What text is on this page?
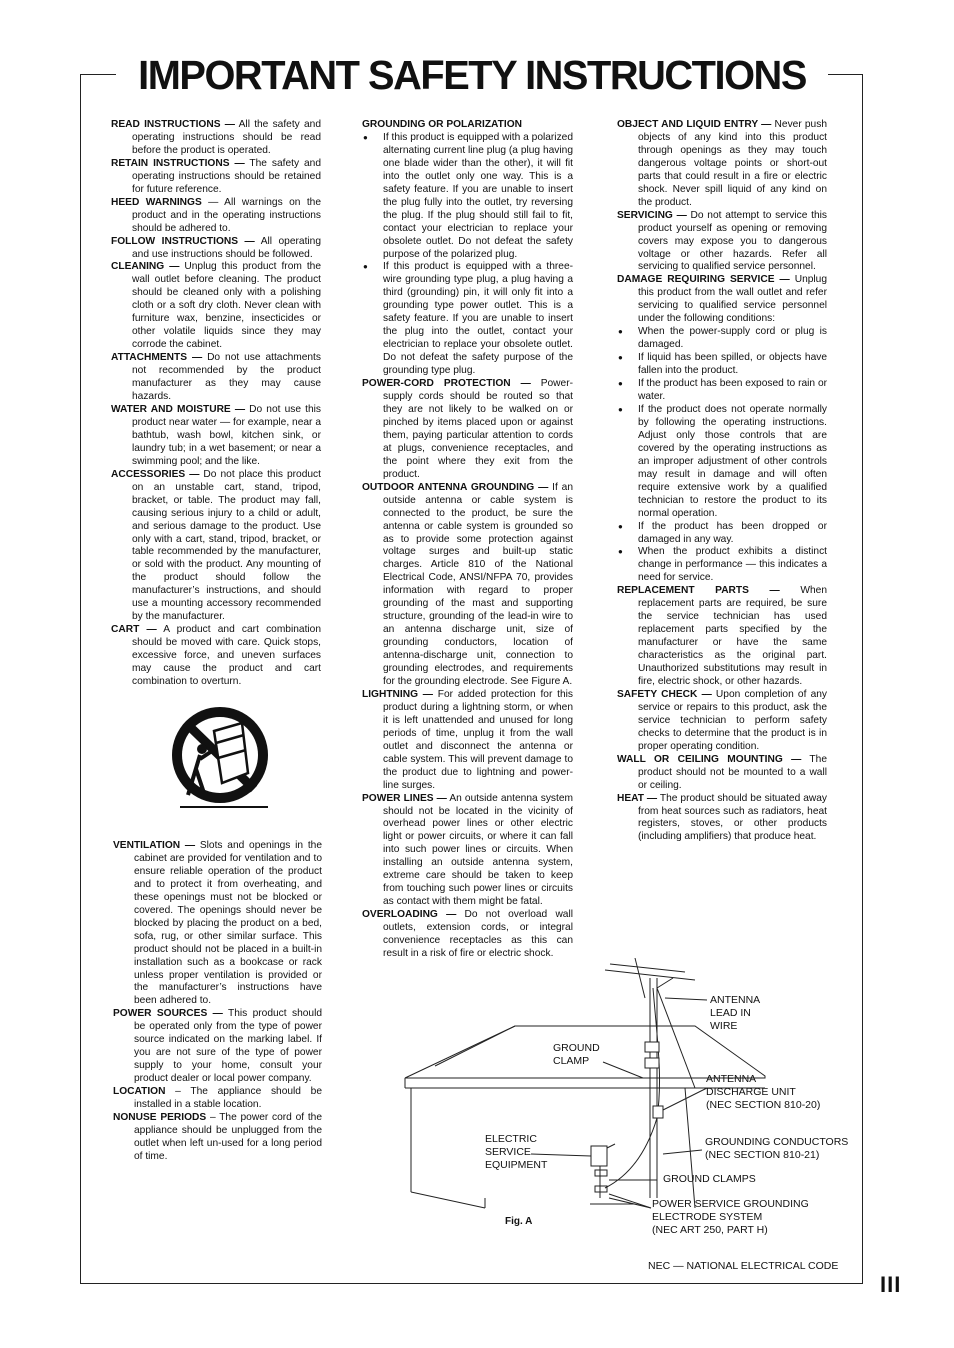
IMPORTANT SAFETY INSTRUCTIONS

READ INSTRUCTIONS — All the safety and operating instructions should be read before the product is operated.

RETAIN INSTRUCTIONS — The safety and operating instructions should be retained for future reference.

HEED WARNINGS — All warnings on the product and in the operating instructions should be adhered to.

FOLLOW INSTRUCTIONS — All operating and use instructions should be followed.

CLEANING — Unplug this product from the wall outlet before cleaning. The product should be cleaned only with a polishing cloth or a soft dry cloth. Never clean with furniture wax, benzine, insecticides or other volatile liquids since they may corrode the cabinet.

ATTACHMENTS — Do not use attachments not recommended by the product manufacturer as they may cause hazards.

WATER AND MOISTURE — Do not use this product near water — for example, near a bathtub, wash bowl, kitchen sink, or laundry tub; in a wet basement; or near a swimming pool; and the like.

ACCESSORIES — Do not place this product on an unstable cart, stand, tripod, bracket, or table. The product may fall, causing serious injury to a child or adult, and serious damage to the product. Use only with a cart, stand, tripod, bracket, or table recommended by the manufacturer, or sold with the product. Any mounting of the product should follow the manufacturer’s instructions, and should use a mounting accessory recommended by the manufacturer.

CART — A product and cart combination should be moved with care. Quick stops, excessive force, and uneven surfaces may cause the product and cart combination to overturn.

VENTILATION — Slots and openings in the cabinet are provided for ventilation and to ensure reliable operation of the product and to protect it from overheating, and these openings must not be blocked or covered. The openings should never be blocked by placing the product on a bed, sofa, rug, or other similar surface. This product should not be placed in a built-in installation such as a bookcase or rack unless proper ventilation is provided or the manufacturer’s instructions have been adhered to.

POWER SOURCES — This product should be operated only from the type of power source indicated on the marking label. If you are not sure of the type of power supply to your home, consult your product dealer or local power company.

LOCATION – The appliance should be installed in a stable location.

NONUSE PERIODS – The power cord of the appliance should be unplugged from the outlet when left un-used for a long period of time.

GROUNDING OR POLARIZATION

● If this product is equipped with a polarized alternating current line plug (a plug having one blade wider than the other), it will fit into the outlet only one way. This is a safety feature. If you are unable to insert the plug fully into the outlet, try reversing the plug. If the plug should still fail to fit, contact your electrician to replace your obsolete outlet. Do not defeat the safety purpose of the polarized plug.

● If this product is equipped with a three-wire grounding type plug, a plug having a third (grounding) pin, it will only fit into a grounding type power outlet. This is a safety feature. If you are unable to insert the plug into the outlet, contact your electrician to replace your obsolete outlet. Do not defeat the safety purpose of the grounding type plug.

POWER-CORD PROTECTION — Power-supply cords should be routed so that they are not likely to be walked on or pinched by items placed upon or against them, paying particular attention to cords at plugs, convenience receptacles, and the point where they exit from the product.

OUTDOOR ANTENNA GROUNDING — If an outside antenna or cable system is connected to the product, be sure the antenna or cable system is grounded so as to provide some protection against voltage surges and built-up static charges. Article 810 of the National Electrical Code, ANSI/NFPA 70, provides information with regard to proper grounding of the mast and supporting structure, grounding of the lead-in wire to an antenna discharge unit, size of grounding conductors, location of antenna-discharge unit, connection to grounding electrodes, and requirements for the grounding electrode. See Figure A.

LIGHTNING — For added protection for this product during a lightning storm, or when it is left unattended and unused for long periods of time, unplug it from the wall outlet and disconnect the antenna or cable system. This will prevent damage to the product due to lightning and power-line surges.

POWER LINES — An outside antenna system should not be located in the vicinity of overhead power lines or other electric light or power circuits, or where it can fall into such power lines or circuits. When installing an outside antenna system, extreme care should be taken to keep from touching such power lines or circuits as contact with them might be fatal.

OVERLOADING — Do not overload wall outlets, extension cords, or integral convenience receptacles as this can result in a risk of fire or electric shock.

OBJECT AND LIQUID ENTRY — Never push objects of any kind into this product through openings as they may touch dangerous voltage points or short-out parts that could result in a fire or electric shock. Never spill liquid of any kind on the product.

SERVICING — Do not attempt to service this product yourself as opening or removing covers may expose you to dangerous voltage or other hazards. Refer all servicing to qualified service personnel.

DAMAGE REQUIRING SERVICE — Unplug this product from the wall outlet and refer servicing to qualified service personnel under the following conditions:

● When the power-supply cord or plug is damaged.

● If liquid has been spilled, or objects have fallen into the product.

● If the product has been exposed to rain or water.

● If the product does not operate normally by following the operating instructions. Adjust only those controls that are covered by the operating instructions as an improper adjustment of other controls may result in damage and will often require extensive work by a qualified technician to restore the product to its normal operation.

● If the product has been dropped or damaged in any way.

● When the product exhibits a distinct change in performance — this indicates a need for service.

REPLACEMENT PARTS — When replacement parts are required, be sure the service technician has used replacement parts specified by the manufacturer or have the same characteristics as the original part. Unauthorized substitutions may result in fire, electric shock, or other hazards.

SAFETY CHECK — Upon completion of any service or repairs to this product, ask the service technician to perform safety checks to determine that the product is in proper operating condition.

WALL OR CEILING MOUNTING — The product should not be mounted to a wall or ceiling.

HEAT — The product should be situated away from heat sources such as radiators, heat registers, stoves, or other products (including amplifiers) that produce heat.

ANTENNA
LEAD IN
WIRE
GROUND
CLAMP
ANTENNA
DISCHARGE UNIT
(NEC SECTION 810-20)
ELECTRIC
SERVICE
EQUIPMENT
GROUNDING CONDUCTORS
(NEC SECTION 810-21)
GROUND CLAMPS
POWER SERVICE GROUNDING
ELECTRODE SYSTEM
(NEC ART 250, PART H)
Fig. A
NEC — NATIONAL ELECTRICAL CODE
III
